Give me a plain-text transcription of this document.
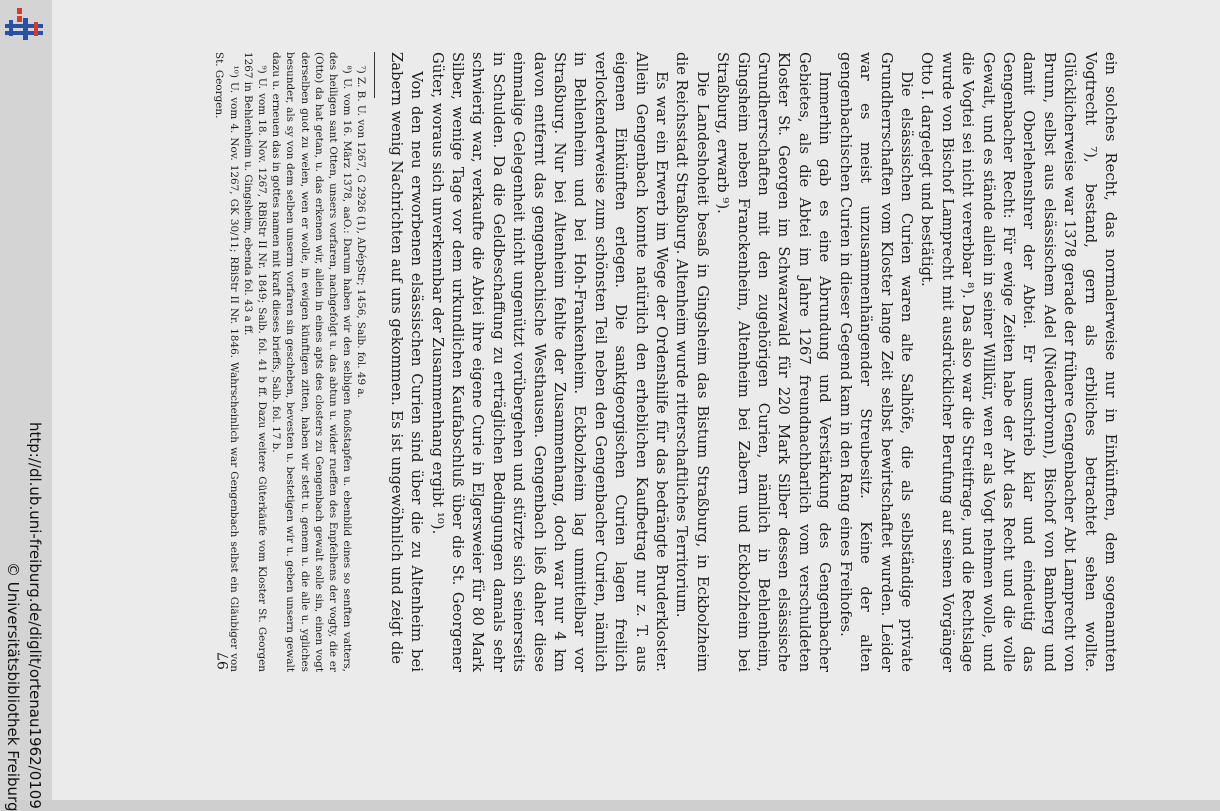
http://dl.ub.uni-freiburg.de/diglit/ortenau1962/0109
© Universitätsbibliothek Freiburg

ein solches Recht, das normalerweise nur in Einkünften, dem sogenannten Vogtrecht ⁷), bestand, gern als erbliches betrachtet sehen wollte. Glücklicherweise war 1378 gerade der frühere Gengenbacher Abt Lamprecht von Brunn, selbst aus elsässischem Adel (Niederbronn), Bischof von Bamberg und damit Oberlehenshrer der Abtei. Er umschrieb klar und eindeutig das Gengenbacher Recht: Für ewige Zeiten habe der Abt das Recht und die volle Gewalt, und es stände allein in seiner Willkür, wen er als Vogt nehmen wolle, und die Vogtei sei nicht vererbbar ⁸). Das also war die Streitfrage, und die Rechtslage wurde von Bischof Lamprecht mit ausdrücklicher Berufung auf seinen Vorgänger Otto I. dargelegt und bestätigt.

Die elsässischen Curien waren alte Salhöfe, die als selbständige private Grundherrschaften vom Kloster lange Zeit selbst bewirtschaftet wurden. Leider war es meist unzusammenhängender Streubesitz. Keine der alten gengenbachischen Curien in dieser Gegend kam in den Rang eines Freihofes.

Immerhin gab es eine Abrundung und Verstärkung des Gengenbacher Gebietes, als die Abtei im Jahre 1267 freundnachbarlich vom verschuldeten Kloster St. Georgen im Schwarzwald für 220 Mark Silber dessen elsässische Grundherrschaften mit den zugehörigen Curien, nämlich in Behlenheim, Gingsheim neben Franckenheim, Altenheim bei Zabern und Eckbolzheim bei Straßburg, erwarb ⁹).

Die Landeshoheit besaß in Gingsheim das Bistum Straßburg, in Eckbolzheim die Reichsstadt Straßburg. Altenheim wurde ritterschaftliches Territorium.

Es war ein Erwerb im Wege der Ordenshilfe für das bedrängte Bruderkloster. Allein Gengenbach konnte natürlich den erheblichen Kaufbetrag nur z. T. aus eigenen Einkünften erlegen. Die sanktgeorgischen Curien lagen freilich verlockenderweise zum schönsten Teil neben den Gengenbacher Curien, nämlich in Behlenheim und bei Hoh-Frankenheim. Eckbolzheim lag unmittelbar vor Straßburg. Nur bei Altenheim fehlte der Zusammenhang, doch war nur 4 km davon entfernt das gengenbachische Westhausen. Gengenbach ließ daher diese einmalige Gelegenheit nicht ungenützt vorübergehen und stürzte sich seinerseits in Schulden. Da die Geldbeschaffung zu erträglichen Bedingungen damals sehr schwierig war, verkaufte die Abtei ihre eigene Curie in Elgersweier für 80 Mark Silber, wenige Tage vor dem urkundlichen Kaufabschluß über die St. Georgener Güter, woraus sich unverkennbar der Zusammenhang ergibt ¹⁰).

Von den neu erworbenen elsässischen Curien sind über die zu Altenheim bei Zabern wenig Nachrichten auf uns gekommen. Es ist ungewöhnlich und zeigt die

⁷) Z. B. U. von 1267, G 2926 (1), ADépStr; 1456, Salb. fol. 49 a.

⁸) U. vom 16. März 1378, aaO.: Darum haben wir den selbigen fuoßstapfen u. ebenbild eines so senften vatters, des heiligen sant Otten, unsers vorfaren, nachgefolgt u. das abtun u. wider rueffen des Enpfelhens der vogty, die er (Otto) da hat getan, u. das erkenen wir, allein in eines apts des closters zu Gengenbach gewalt solle sin, einen vogt derselben guot zu welen, wen er wolle, in ewigen künftigen zitten, haben wir stett u. genem u. die alle u. ygliches besunder, als sy von dem selben unserm vorfaren sin gescheben, bevesten u. bestetigen wir u. geben unsern gewalt dazu u. erneuen das in gottes namen mit kraft dieses brieffs, Salb. fol. 17 b.

⁹) U. vom 18. Nov. 1267, RBiStr II Nr. 1849; Salb. fol. 41 b ff. Dazu weitere Güterkäufe vom Kloster St. Georgen 1267 in Behlenheim u. Gingsheim, ebenda fol. 43 a ff.

¹⁰) U. vom 4. Nov. 1267, GK 30/11; RBiStr II Nr. 1846. Wahrscheinlich war Gengenbach selbst ein Gläubiger von St. Georgen.

97
